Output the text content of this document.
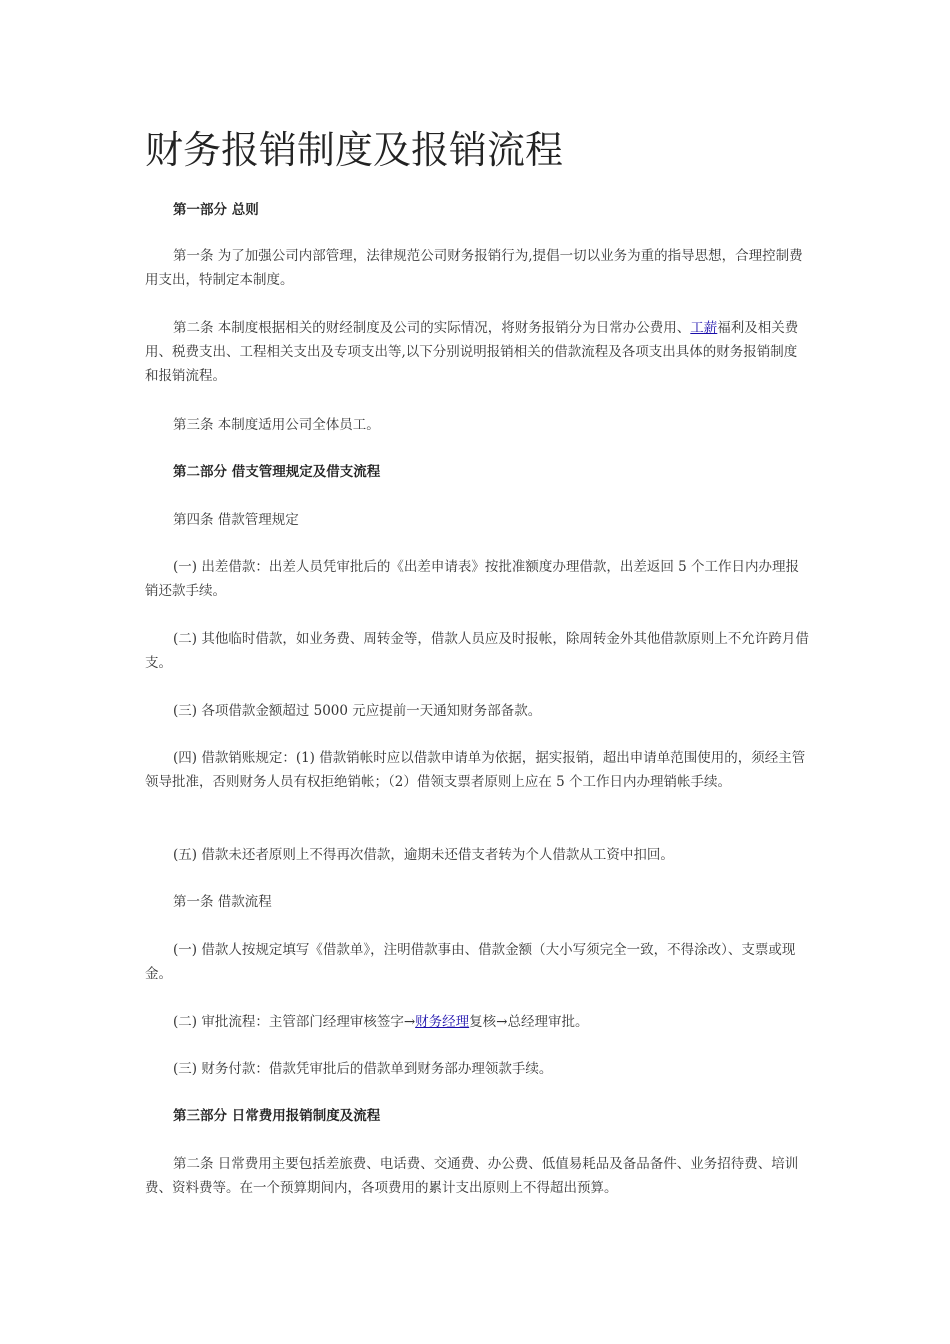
财务报销制度及报销流程

第一部分 总则

第一条 为了加强公司内部管理，法律规范公司财务报销行为,提倡一切以业务为重的指导思想，合理控制费用支出，特制定本制度。

第二条 本制度根据相关的财经制度及公司的实际情况，将财务报销分为日常办公费用、工薪福利及相关费用、税费支出、工程相关支出及专项支出等,以下分别说明报销相关的借款流程及各项支出具体的财务报销制度和报销流程。

第三条 本制度适用公司全体员工。

第二部分 借支管理规定及借支流程

第四条 借款管理规定

(一) 出差借款：出差人员凭审批后的《出差申请表》按批准额度办理借款，出差返回 5 个工作日内办理报销还款手续。

(二) 其他临时借款，如业务费、周转金等，借款人员应及时报帐，除周转金外其他借款原则上不允许跨月借支。

(三) 各项借款金额超过 5000 元应提前一天通知财务部备款。

(四) 借款销账规定：(1) 借款销帐时应以借款申请单为依据，据实报销，超出申请单范围使用的，须经主管领导批准，否则财务人员有权拒绝销帐；（2）借领支票者原则上应在 5 个工作日内办理销帐手续。

(五) 借款未还者原则上不得再次借款，逾期未还借支者转为个人借款从工资中扣回。

第一条 借款流程

(一) 借款人按规定填写《借款单》，注明借款事由、借款金额（大小写须完全一致，不得涂改）、支票或现金。

(二) 审批流程：主管部门经理审核签字→财务经理复核→总经理审批。

(三) 财务付款：借款凭审批后的借款单到财务部办理领款手续。

第三部分 日常费用报销制度及流程

第二条 日常费用主要包括差旅费、电话费、交通费、办公费、低值易耗品及备品备件、业务招待费、培训费、资料费等。在一个预算期间内，各项费用的累计支出原则上不得超出预算。
